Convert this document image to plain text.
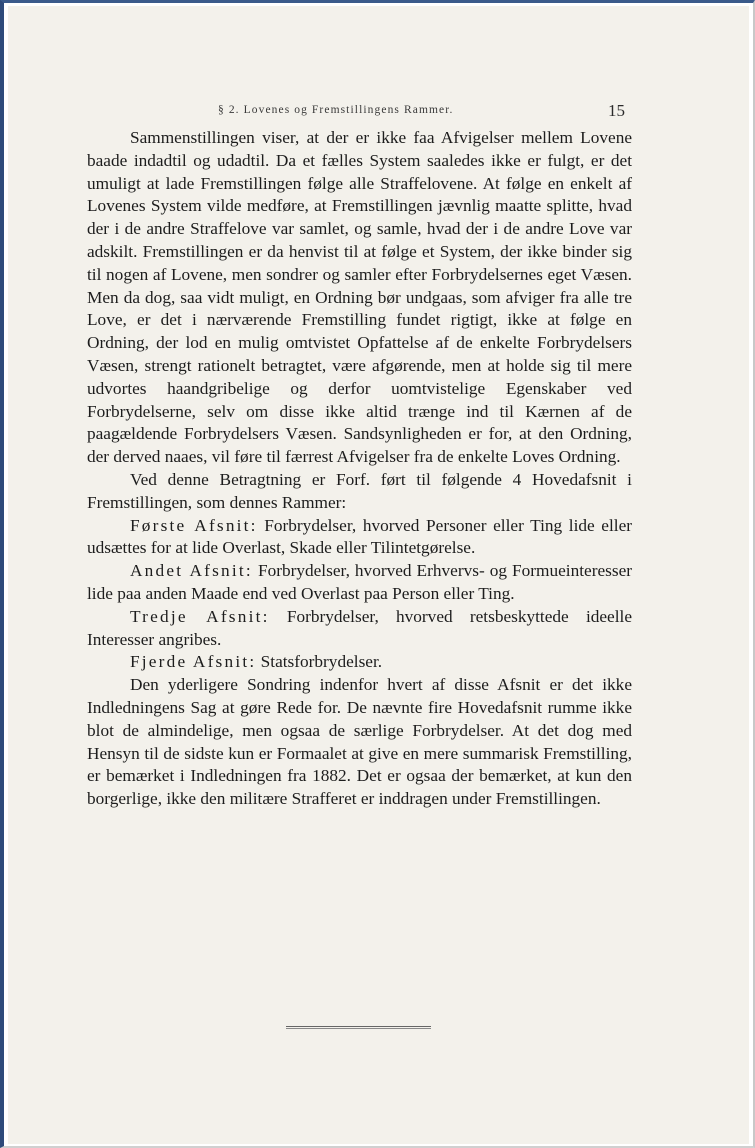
§ 2. Lovenes og Fremstillingens Rammer.	15

Sammenstillingen viser, at der er ikke faa Afvigelser mellem Lovene baade indadtil og udadtil. Da et fælles System saaledes ikke er fulgt, er det umuligt at lade Fremstillingen følge alle Straffelovene. At følge en enkelt af Lovenes System vilde medføre, at Fremstillingen jævnlig maatte splitte, hvad der i de andre Straffelove var samlet, og samle, hvad der i de andre Love var adskilt. Fremstillingen er da henvist til at følge et System, der ikke binder sig til nogen af Lovene, men sondrer og samler efter Forbrydelsernes eget Væsen. Men da dog, saa vidt muligt, en Ordning bør undgaas, som afviger fra alle tre Love, er det i nærværende Fremstilling fundet rigtigt, ikke at følge en Ordning, der lod en mulig omtvistet Opfattelse af de enkelte Forbrydelsers Væsen, strengt rationelt betragtet, være afgørende, men at holde sig til mere udvortes haandgribelige og derfor uomtvistelige Egenskaber ved Forbrydelserne, selv om disse ikke altid trænge ind til Kærnen af de paagældende Forbrydelsers Væsen. Sandsynligheden er for, at den Ordning, der derved naaes, vil føre til færrest Afvigelser fra de enkelte Loves Ordning.

Ved denne Betragtning er Forf. ført til følgende 4 Hovedafsnit i Fremstillingen, som dennes Rammer:

Første Afsnit: Forbrydelser, hvorved Personer eller Ting lide eller udsættes for at lide Overlast, Skade eller Tilintetgørelse.

Andet Afsnit: Forbrydelser, hvorved Erhvervs- og Formueinteresser lide paa anden Maade end ved Overlast paa Person eller Ting.

Tredje Afsnit: Forbrydelser, hvorved retsbeskyttede ideelle Interesser angribes.

Fjerde Afsnit: Statsforbrydelser.

Den yderligere Sondring indenfor hvert af disse Afsnit er det ikke Indledningens Sag at gøre Rede for. De nævnte fire Hovedafsnit rumme ikke blot de almindelige, men ogsaa de særlige Forbrydelser. At det dog med Hensyn til de sidste kun er Formaalet at give en mere summarisk Fremstilling, er bemærket i Indledningen fra 1882. Det er ogsaa der bemærket, at kun den borgerlige, ikke den militære Strafferet er inddragen under Fremstillingen.
